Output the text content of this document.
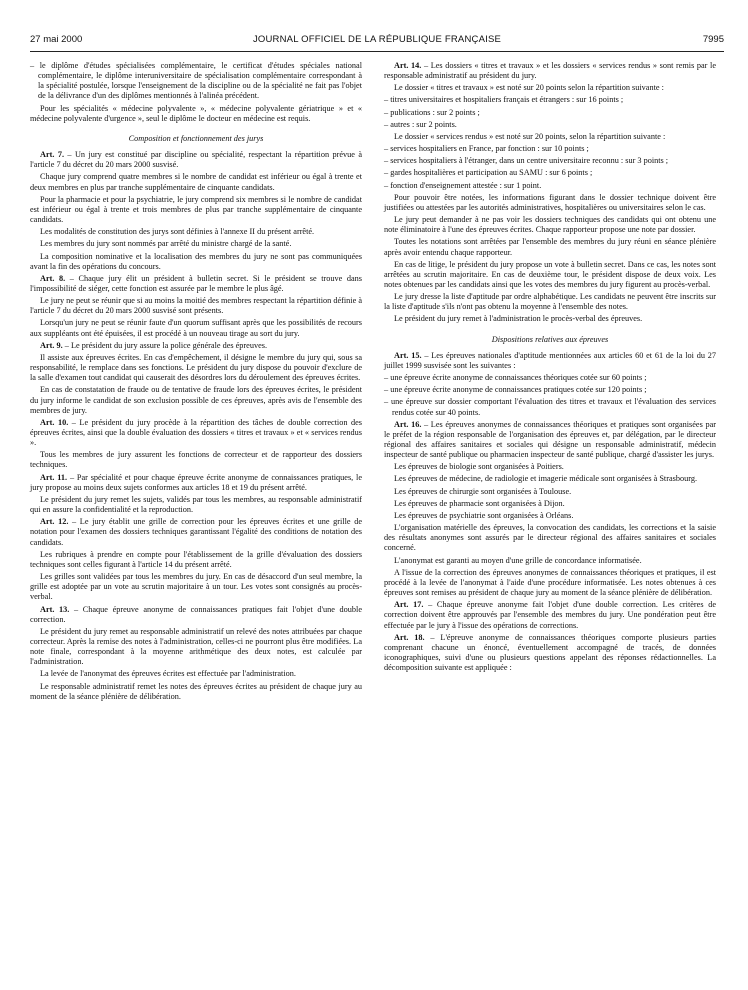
27 mai 2000	JOURNAL OFFICIEL DE LA RÉPUBLIQUE FRANÇAISE	7995

– le diplôme d'études spécialisées complémentaire, le certificat d'études spéciales national complémentaire, le diplôme interuniversitaire de spécialisation complémentaire correspondant à la spécialité postulée, lorsque l'enseignement de la discipline ou de la spécialité ne fait pas l'objet de la délivrance d'un des diplômes mentionnés à l'alinéa précédent.

Pour les spécialités « médecine polyvalente », « médecine polyvalente gériatrique » et « médecine polyvalente d'urgence », seul le diplôme le docteur en médecine est requis.

Composition et fonctionnement des jurys

Art. 7. – Un jury est constitué par discipline ou spécialité, respectant la répartition prévue à l'article 7 du décret du 20 mars 2000 susvisé.

Chaque jury comprend quatre membres si le nombre de candidat est inférieur ou égal à trente et deux membres en plus par tranche supplémentaire de cinquante candidats.

Pour la pharmacie et pour la psychiatrie, le jury comprend six membres si le nombre de candidat est inférieur ou égal à trente et trois membres de plus par tranche supplémentaire de cinquante candidats.

Les modalités de constitution des jurys sont définies à l'annexe II du présent arrêté.

Les membres du jury sont nommés par arrêté du ministre chargé de la santé.

La composition nominative et la localisation des membres du jury ne sont pas communiquées avant la fin des opérations du concours.

Art. 8. – Chaque jury élit un président à bulletin secret. Si le président se trouve dans l'impossibilité de siéger, cette fonction est assurée par le membre le plus âgé.

Le jury ne peut se réunir que si au moins la moitié des membres respectant la répartition définie à l'article 7 du décret du 20 mars 2000 susvisé sont présents.

Lorsqu'un jury ne peut se réunir faute d'un quorum suffisant après que les possibilités de recours aux suppléants ont été épuisées, il est procédé à un nouveau tirage au sort du jury.

Art. 9. – Le président du jury assure la police générale des épreuves.

Il assiste aux épreuves écrites. En cas d'empêchement, il désigne le membre du jury qui, sous sa responsabilité, le remplace dans ses fonctions. Le président du jury dispose du pouvoir d'exclure de la salle d'examen tout candidat qui causerait des désordres lors du déroulement des épreuves écrites.

En cas de constatation de fraude ou de tentative de fraude lors des épreuves écrites, le président du jury informe le candidat de son exclusion possible de ces épreuves, après avis de l'ensemble des membres de jury.

Art. 10. – Le président du jury procède à la répartition des tâches de double correction des épreuves écrites, ainsi que la double évaluation des dossiers « titres et travaux » et « services rendus ».

Tous les membres de jury assurent les fonctions de correcteur et de rapporteur des dossiers techniques.

Art. 11. – Par spécialité et pour chaque épreuve écrite anonyme de connaissances pratiques, le jury propose au moins deux sujets conformes aux articles 18 et 19 du présent arrêté.

Le président du jury remet les sujets, validés par tous les membres, au responsable administratif qui en assure la confidentialité et la reproduction.

Art. 12. – Le jury établit une grille de correction pour les épreuves écrites et une grille de notation pour l'examen des dossiers techniques garantissant l'égalité des conditions de notation des candidats.

Les rubriques à prendre en compte pour l'établissement de la grille d'évaluation des dossiers techniques sont celles figurant à l'article 14 du présent arrêté.

Les grilles sont validées par tous les membres du jury. En cas de désaccord d'un seul membre, la grille est adoptée par un vote au scrutin majoritaire à un tour. Les votes sont consignés au procès-verbal.

Art. 13. – Chaque épreuve anonyme de connaissances pratiques fait l'objet d'une double correction.

Le président du jury remet au responsable administratif un relevé des notes attribuées par chaque correcteur. Après la remise des notes à l'administration, celles-ci ne pourront plus être modifiées. La note finale, correspondant à la moyenne arithmétique des deux notes, est calculée par l'administration.

La levée de l'anonymat des épreuves écrites est effectuée par l'administration.

Le responsable administratif remet les notes des épreuves écrites au président de chaque jury au moment de la séance plénière de délibération.

Art. 14. – Les dossiers « titres et travaux » et les dossiers « services rendus » sont remis par le responsable administratif au président du jury.

Le dossier « titres et travaux » est noté sur 20 points selon la répartition suivante :

– titres universitaires et hospitaliers français et étrangers : sur 16 points ;

– publications : sur 2 points ;

– autres : sur 2 points.

Le dossier « services rendus » est noté sur 20 points, selon la répartition suivante :

– services hospitaliers en France, par fonction : sur 10 points ;

– services hospitaliers à l'étranger, dans un centre universitaire reconnu : sur 3 points ;

– gardes hospitalières et participation au SAMU : sur 6 points ;

– fonction d'enseignement attestée : sur 1 point.

Pour pouvoir être notées, les informations figurant dans le dossier technique doivent être justifiées ou attestées par les autorités administratives, hospitalières ou universitaires selon le cas.

Le jury peut demander à ne pas voir les dossiers techniques des candidats qui ont obtenu une note éliminatoire à l'une des épreuves écrites. Chaque rapporteur propose une note par dossier.

Toutes les notations sont arrêtées par l'ensemble des membres du jury réuni en séance plénière après avoir entendu chaque rapporteur.

En cas de litige, le président du jury propose un vote à bulletin secret. Dans ce cas, les notes sont arrêtées au scrutin majoritaire. En cas de deuxième tour, le président dispose de deux voix. Les notes obtenues par les candidats ainsi que les votes des membres du jury figurent au procès-verbal.

Le jury dresse la liste d'aptitude par ordre alphabétique. Les candidats ne peuvent être inscrits sur la liste d'aptitude s'ils n'ont pas obtenu la moyenne à l'ensemble des notes.

Le président du jury remet à l'administration le procès-verbal des épreuves.

Dispositions relatives aux épreuves

Art. 15. – Les épreuves nationales d'aptitude mentionnées aux articles 60 et 61 de la loi du 27 juillet 1999 susvisée sont les suivantes :

– une épreuve écrite anonyme de connaissances théoriques cotée sur 60 points ;

– une épreuve écrite anonyme de connaissances pratiques cotée sur 120 points ;

– une épreuve sur dossier comportant l'évaluation des titres et travaux et l'évaluation des services rendus cotée sur 40 points.

Art. 16. – Les épreuves anonymes de connaissances théoriques et pratiques sont organisées par le préfet de la région responsable de l'organisation des épreuves et, par délégation, par le directeur régional des affaires sanitaires et sociales qui désigne un responsable administratif, médecin inspecteur de santé publique ou pharmacien inspecteur de santé publique, chargé d'assister les jurys.

Les épreuves de biologie sont organisées à Poitiers.

Les épreuves de médecine, de radiologie et imagerie médicale sont organisées à Strasbourg.

Les épreuves de chirurgie sont organisées à Toulouse.

Les épreuves de pharmacie sont organisées à Dijon.

Les épreuves de psychiatrie sont organisées à Orléans.

L'organisation matérielle des épreuves, la convocation des candidats, les corrections et la saisie des résultats anonymes sont assurés par le directeur régional des affaires sanitaires et sociales concerné.

L'anonymat est garanti au moyen d'une grille de concordance informatisée.

A l'issue de la correction des épreuves anonymes de connaissances théoriques et pratiques, il est procédé à la levée de l'anonymat à l'aide d'une procédure informatisée. Les notes obtenues à ces épreuves sont remises au président de chaque jury au moment de la séance plénière de délibération.

Art. 17. – Chaque épreuve anonyme fait l'objet d'une double correction. Les critères de correction doivent être approuvés par l'ensemble des membres du jury. Une pondération peut être effectuée par le jury à l'issue des opérations de corrections.

Art. 18. – L'épreuve anonyme de connaissances théoriques comporte plusieurs parties comprenant chacune un énoncé, éventuellement accompagné de tracés, de données iconographiques, suivi d'une ou plusieurs questions appelant des réponses rédactionnelles. La décomposition suivante est appliquée :
